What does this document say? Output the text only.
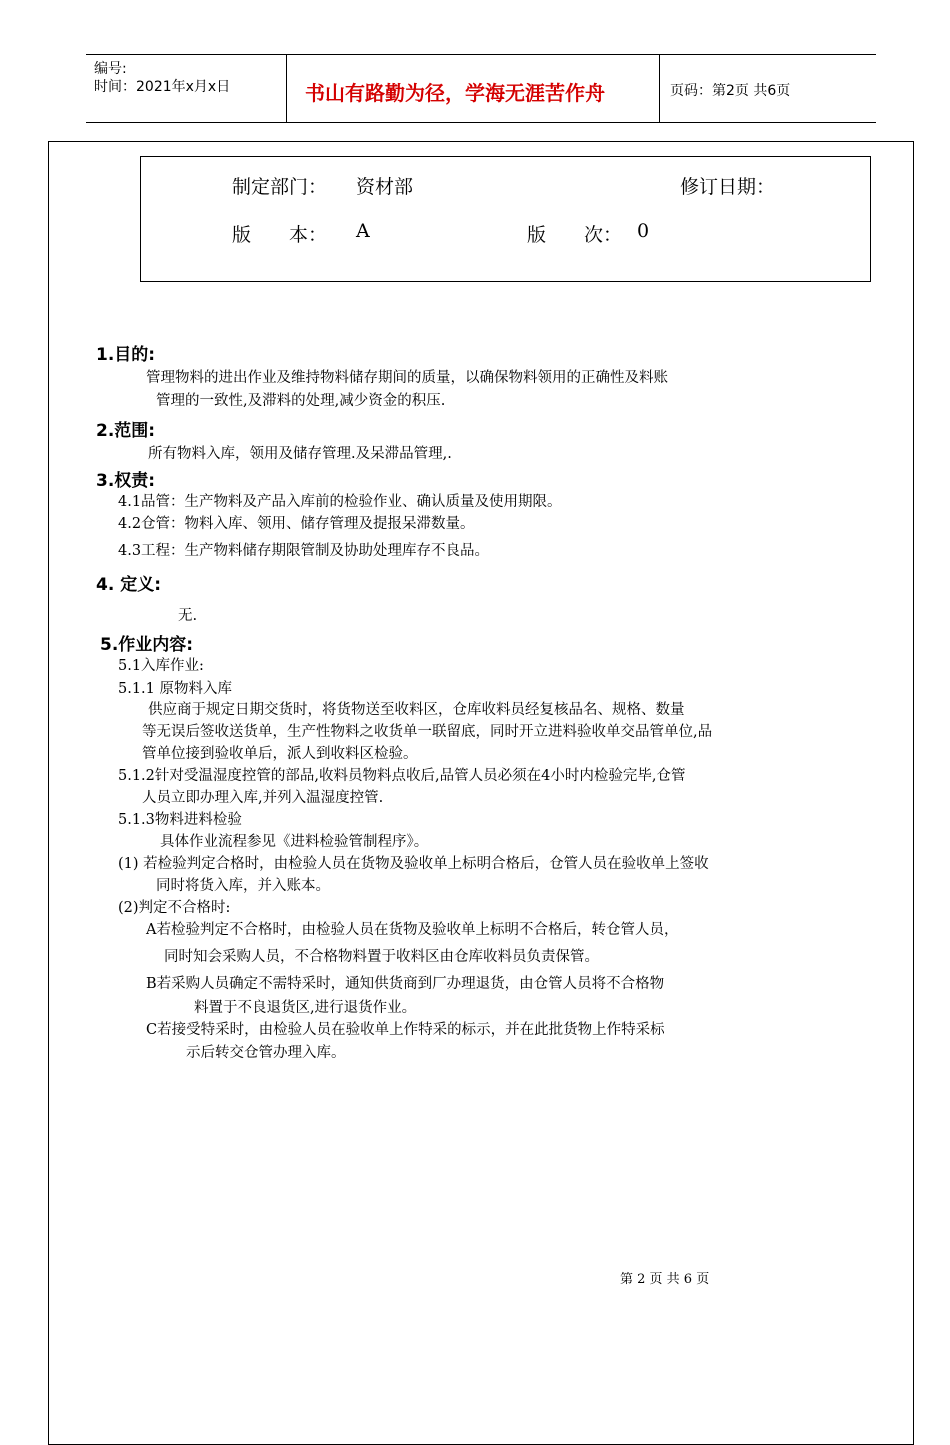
编号:
时间：2021年x月x日	书山有路勤为径，学海无涯苦作舟	页码：第2页 共6页
制定部门： 资材部	修订日期：
版　　本： A	版　　次： 0
1.目的:
管理物料的进出作业及维持物料储存期间的质量，以确保物料领用的正确性及料账
管理的一致性,及滞料的处理,减少资金的积压.
2.范围:
所有物料入库，领用及储存管理.及呆滞品管理,.
3.权责:
4.1品管：生产物料及产品入库前的检验作业、确认质量及使用期限。
4.2仓管：物料入库、领用、储存管理及提报呆滞数量。
4.3工程：生产物料储存期限管制及协助处理库存不良品。
4. 定义:
无.
5.作业内容:
5.1入库作业:
5.1.1 原物料入库
供应商于规定日期交货时，将货物送至收料区，仓库收料员经复核品名、规格、数量
等无误后签收送货单，生产性物料之收货单一联留底，同时开立进料验收单交品管单位,品
管单位接到验收单后，派人到收料区检验。
5.1.2针对受温湿度控管的部品,收料员物料点收后,品管人员必须在4小时内检验完毕,仓管
人员立即办理入库,并列入温湿度控管.
5.1.3物料进料检验
具体作业流程参见《进料检验管制程序》。
(1) 若检验判定合格时，由检验人员在货物及验收单上标明合格后，仓管人员在验收单上签收
同时将货入库，并入账本。
(2)判定不合格时:
A若检验判定不合格时，由检验人员在货物及验收单上标明不合格后，转仓管人员，
同时知会采购人员，不合格物料置于收料区由仓库收料员负责保管。
B若采购人员确定不需特采时，通知供货商到厂办理退货，由仓管人员将不合格物
料置于不良退货区,进行退货作业。
C若接受特采时，由检验人员在验收单上作特采的标示，并在此批货物上作特采标
示后转交仓管办理入库。
第 2 页 共 6 页
